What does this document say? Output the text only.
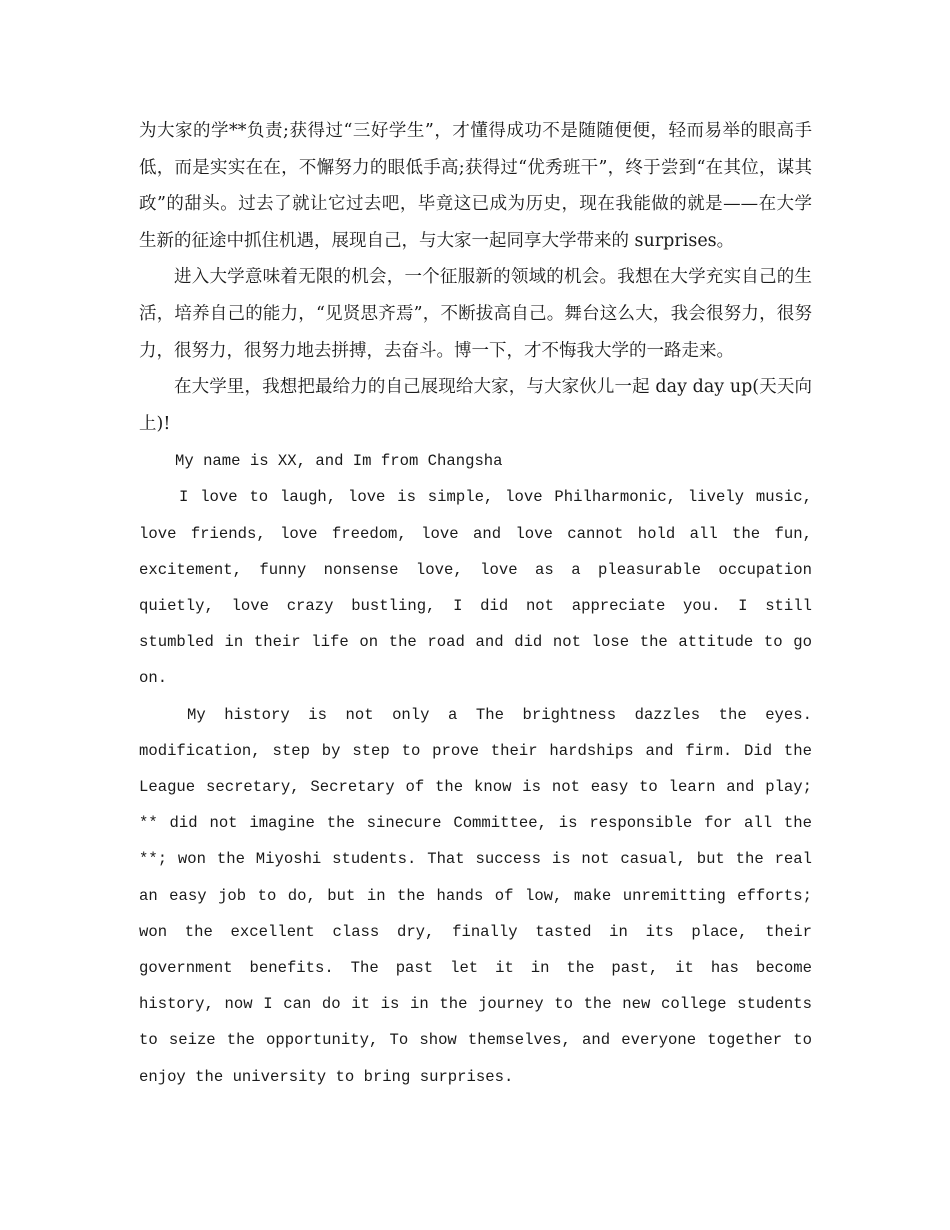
为大家的学**负责;获得过“三好学生”，才懂得成功不是随随便便，轻而易举的眼高手低，而是实实在在，不懈努力的眼低手高;获得过“优秀班干”，终于尝到“在其位，谋其政”的甜头。过去了就让它过去吧，毕竟这已成为历史，现在我能做的就是——在大学生新的征途中抓住机遇，展现自己，与大家一起同享大学带来的 surprises。

进入大学意味着无限的机会，一个征服新的领域的机会。我想在大学充实自己的生活，培养自己的能力，“见贤思齐焉”，不断拔高自己。舞台这么大，我会很努力，很努力，很努力，很努力地去拼搏，去奋斗。博一下，才不悔我大学的一路走来。

在大学里，我想把最给力的自己展现给大家，与大家伙儿一起 day day up(天天向上)!

My name is XX, and Im from Changsha

I love to laugh, love is simple, love Philharmonic, lively music, love friends, love freedom, love and love cannot hold all the fun, excitement, funny nonsense love, love as a pleasurable occupation quietly, love crazy bustling, I did not appreciate you. I still stumbled in their life on the road and did not lose the attitude to go on.

My history is not only a The brightness dazzles the eyes. modification, step by step to prove their hardships and firm. Did the League secretary, Secretary of the know is not easy to learn and play; ** did not imagine the sinecure Committee, is responsible for all the **; won the Miyoshi students. That success is not casual, but the real an easy job to do, but in the hands of low, make unremitting efforts; won the excellent class dry, finally tasted in its place, their government benefits. The past let it in the past, it has become history, now I can do it is in the journey to the new college students to seize the opportunity, To show themselves, and everyone together to enjoy the university to bring surprises.
